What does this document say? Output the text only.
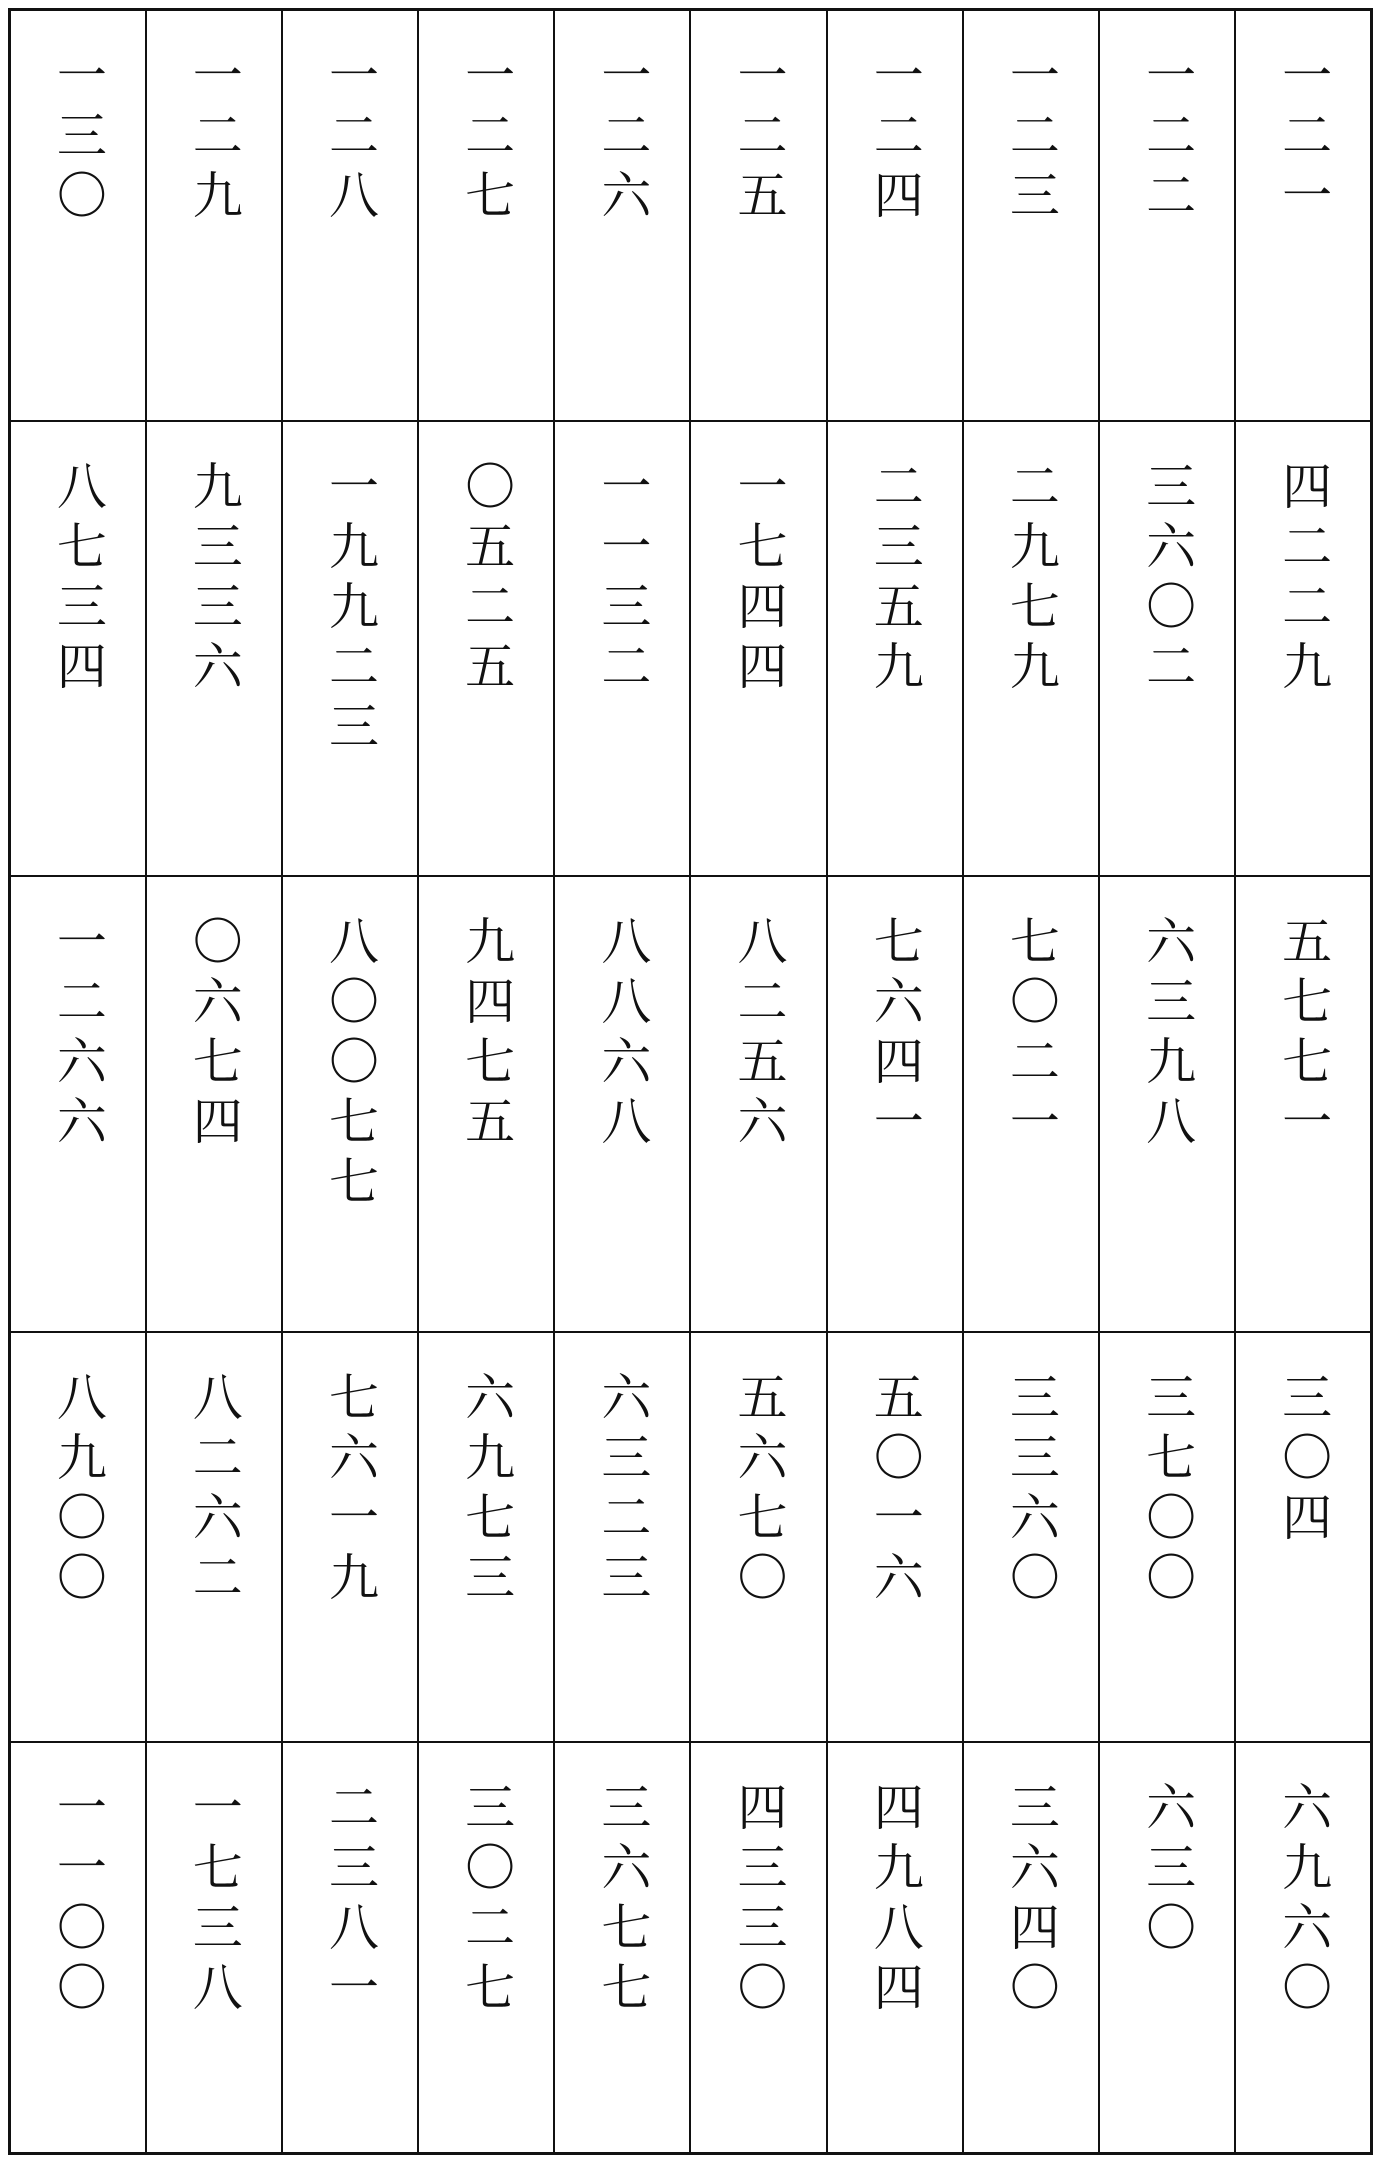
一三〇	一二九	一二八	一二七	一二六	一二五	一二四	一二三	一二二	一二一
八七三四	九三三六	一九九二三	〇五二五	一一三二	一七四四	二三五九	二九七九	三六〇二	四二二九
一二六六	〇六七四	八〇〇七七	九四七五	八八六八	八二五六	七六四一	七〇二一	六三九八	五七七一
八九〇〇	八二六二	七六一九	六九七三	六三二三	五六七〇	五〇一六	三三六〇	三七〇〇	三〇四
一一〇〇	一七三八	二三八一	三〇二七	三六七七	四三三〇	四九八四	三六四〇	六三〇	六九六〇
